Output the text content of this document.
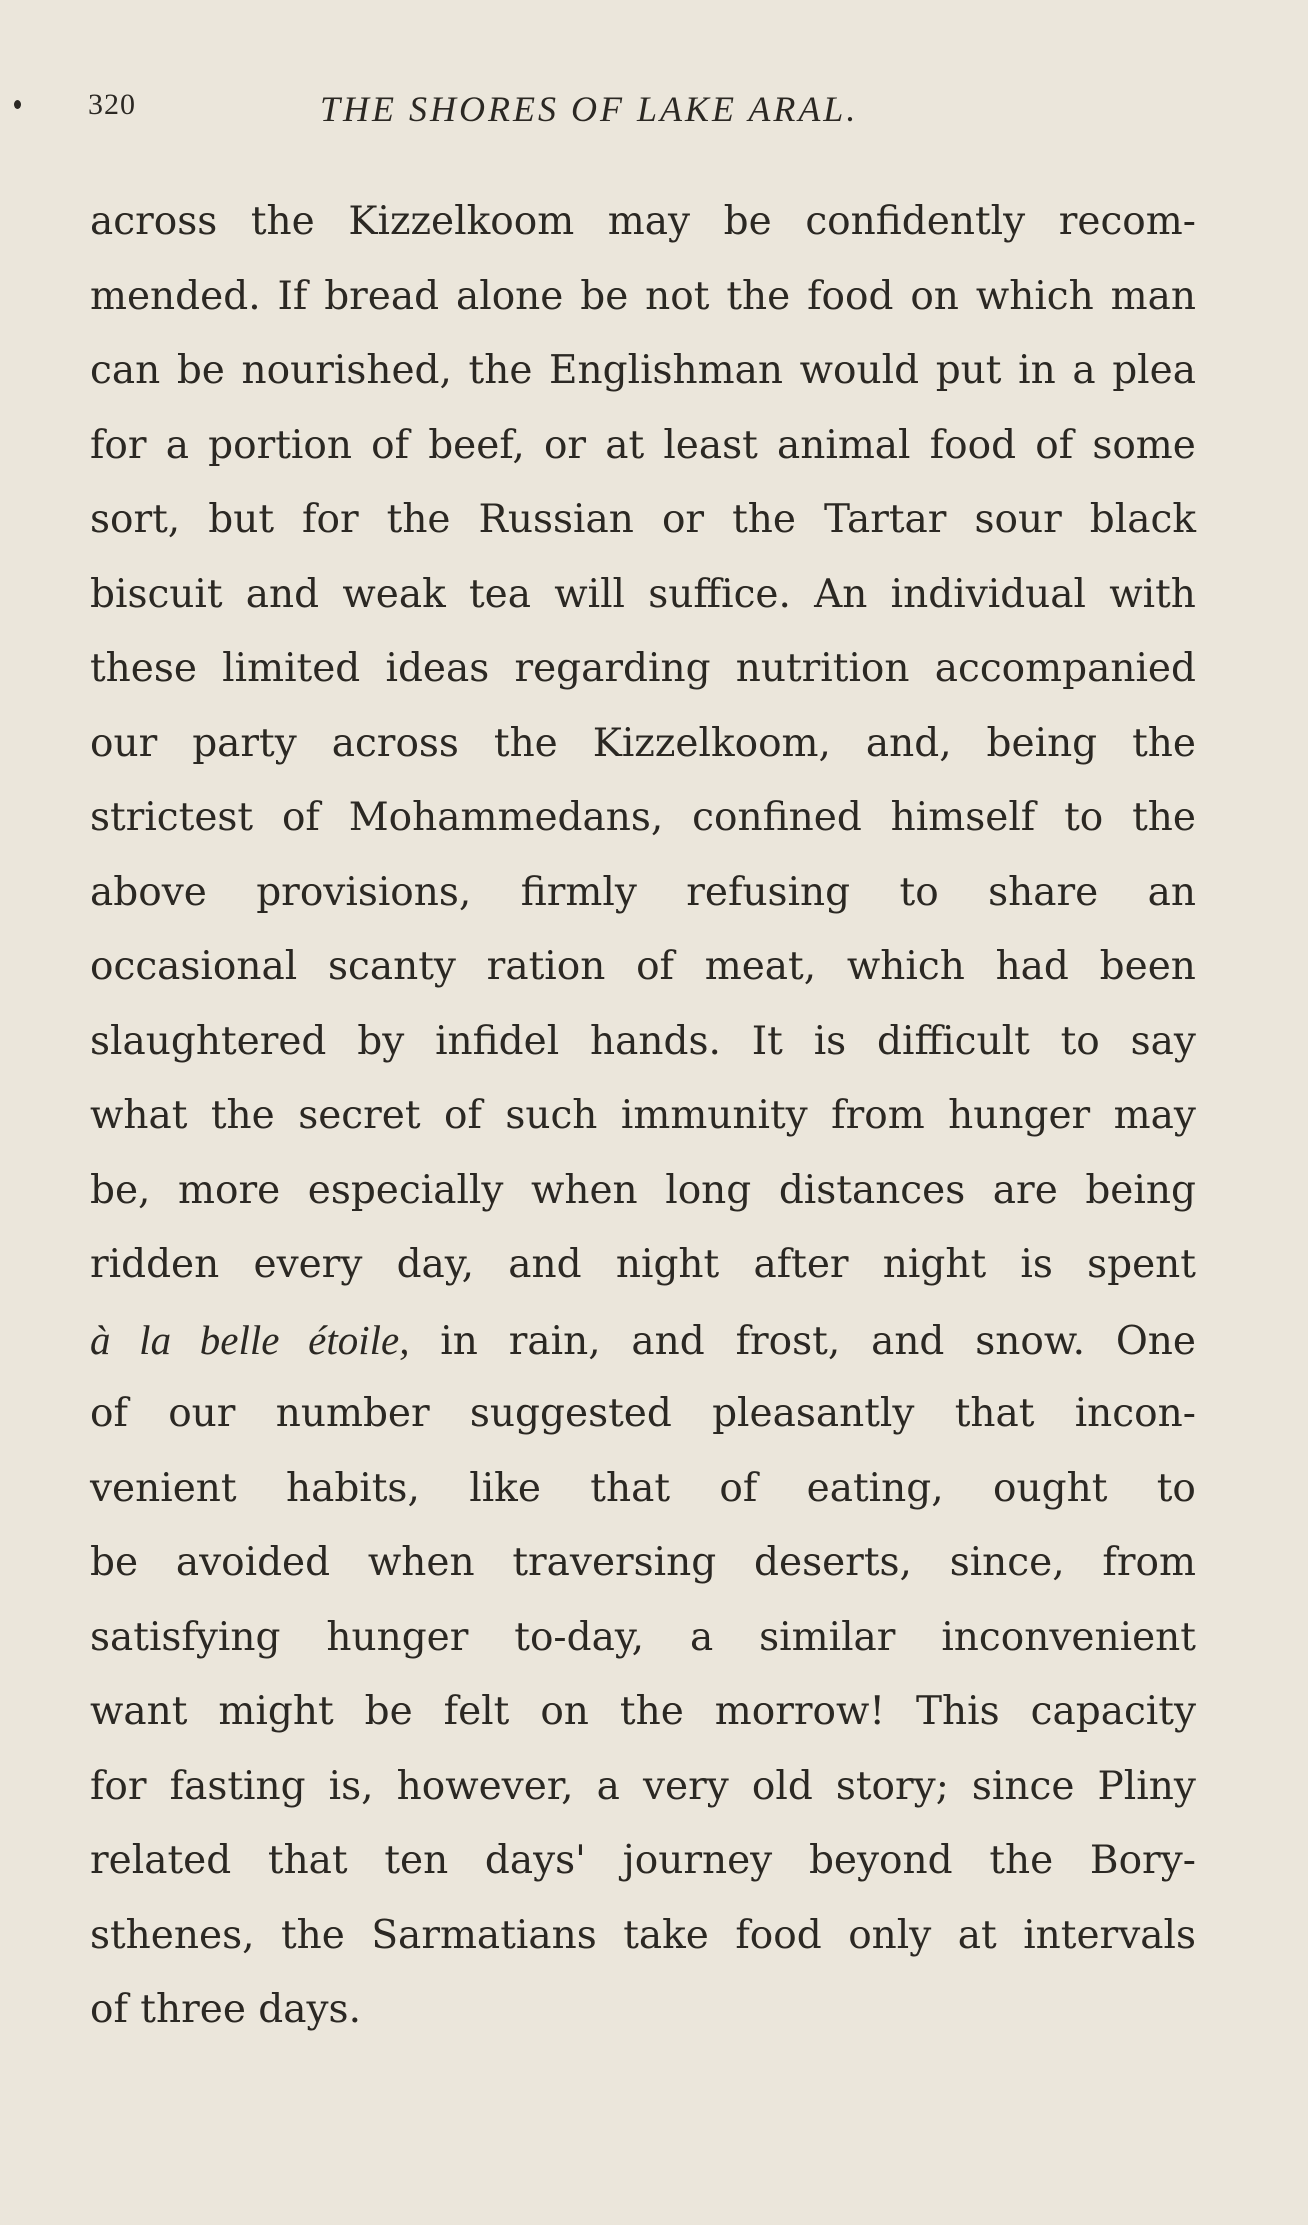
320	THE SHORES OF LAKE ARAL.
across the Kizzelkoom may be confidently recom-
mended. If bread alone be not the food on which man
can be nourished, the Englishman would put in a plea
for a portion of beef, or at least animal food of some
sort, but for the Russian or the Tartar sour black
biscuit and weak tea will suffice. An individual with
these limited ideas regarding nutrition accompanied
our party across the Kizzelkoom, and, being the
strictest of Mohammedans, confined himself to the
above provisions, firmly refusing to share an
occasional scanty ration of meat, which had been
slaughtered by infidel hands. It is difficult to say
what the secret of such immunity from hunger may
be, more especially when long distances are being
ridden every day, and night after night is spent
à la belle étoile, in rain, and frost, and snow. One
of our number suggested pleasantly that incon-
venient habits, like that of eating, ought to
be avoided when traversing deserts, since, from
satisfying hunger to-day, a similar inconvenient
want might be felt on the morrow! This capacity
for fasting is, however, a very old story; since Pliny
related that ten days' journey beyond the Bory-
sthenes, the Sarmatians take food only at intervals
of three days.
